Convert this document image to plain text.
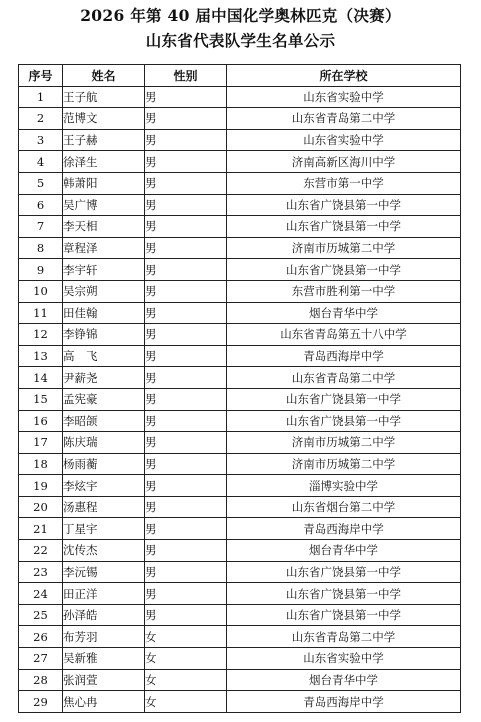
2026 年第 40 届中国化学奥林匹克（决赛）
山东省代表队学生名单公示
序号	姓名	性别	所在学校
1	王子航	男	山东省实验中学
2	范博文	男	山东省青岛第二中学
3	王子赫	男	山东省实验中学
4	徐泽生	男	济南高新区海川中学
5	韩萧阳	男	东营市第一中学
6	吴广博	男	山东省广饶县第一中学
7	李天相	男	山东省广饶县第一中学
8	章程泽	男	济南市历城第二中学
9	李宇轩	男	山东省广饶县第一中学
10	吴宗朔	男	东营市胜利第一中学
11	田佳翰	男	烟台青华中学
12	李铮锦	男	山东省青岛第五十八中学
13	高　飞	男	青岛西海岸中学
14	尹薪尧	男	山东省青岛第二中学
15	孟宪豪	男	山东省广饶县第一中学
16	李昭颌	男	山东省广饶县第一中学
17	陈庆瑞	男	济南市历城第二中学
18	杨雨蘅	男	济南市历城第二中学
19	李炫宇	男	淄博实验中学
20	汤惠程	男	山东省烟台第二中学
21	丁星宇	男	青岛西海岸中学
22	沈传杰	男	烟台青华中学
23	李沅锡	男	山东省广饶县第一中学
24	田正洋	男	山东省广饶县第一中学
25	孙泽皓	男	山东省广饶县第一中学
26	布芳羽	女	山东省青岛第二中学
27	吴新雅	女	山东省实验中学
28	张润萱	女	烟台青华中学
29	焦心冉	女	青岛西海岸中学
